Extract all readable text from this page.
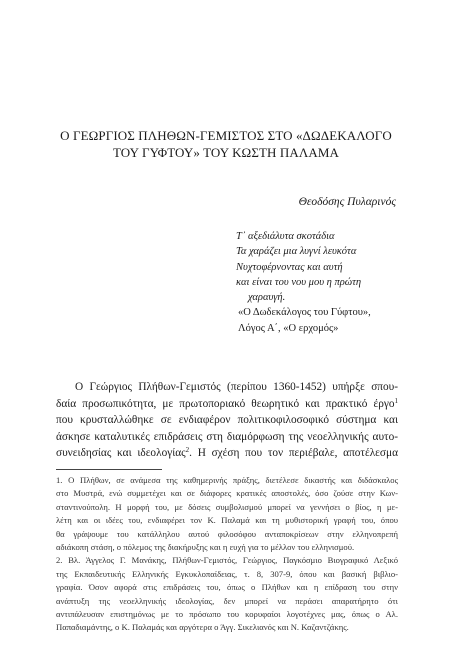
Ο ΓΕΩΡΓΙΟΣ ΠΛΗΘΩΝ-ΓΕΜΙΣΤΟΣ ΣΤΟ «ΔΩΔΕΚΑΛΟΓΟ
ΤΟΥ ΓΥΦΤΟΥ» ΤΟΥ ΚΩΣΤΗ ΠΑΛΑΜΑ
Θεοδόσης Πυλαρινός
Τ᾽ αξεδιάλυτα σκοτάδια
Τα χαράζει μια λυγνί λευκότα
Νυχτοφέρνοντας και αυτή
και είναι του νου μου η πρώτη
χαραυγή.
«Ο Δωδεκάλογος του Γύφτου»,
Λόγος Α΄, «Ο ερχομός»
Ο Γεώργιος Πλήθων-Γεμιστός (περίπου 1360-1452) υπήρξε σπου-
δαία προσωπικότητα, με πρωτοποριακό θεωρητικό και πρακτικό έργο$^1$
που κρυσταλλώθηκε σε ενδιαφέρον πολιτικοφιλοσοφικό σύστημα και
άσκησε καταλυτικές επιδράσεις στη διαμόρφωση της νεοελληνικής αυτο-
συνειδησίας και ιδεολογίας$^2$. Η σχέση που τον περιέβαλε, αποτέλεσμα
1. Ο Πλήθων, σε ανάμεσα της καθημερινής πράξης, διετέλεσε δικαστής και διδάσκαλος
στο Μυστρά, ενώ συμμετέχει και σε διάφορες κρατικές αποστολές, όσο ζούσε στην Κων-
σταντινούπολη. Η μορφή του, με δόσεις συμβολισμού μπορεί να γεννήσει ο βίος, η με-
λέτη και οι ιδέες του, ενδιαφέρει τον Κ. Παλαμά και τη μυθιστορική γραφή του, όπου
θα γράψουμε του κατάλληλου αυτού φιλοσόφου ανταποκρίσεων στην ελληνοπρεπή
αδιάκοπη στάση, ο πόλεμος της διακήρυξης και η ευχή για το μέλλον του ελληνισμού.
2. Βλ. Άγγελος Γ. Μανάκης, Πλήθων-Γεμιστός, Γεώργιος, Παγκόσμιο Βιογραφικό Λεξικό
της Εκπαιδευτικής Ελληνικής Εγκυκλοπαίδειας, τ. 8, 307-9, όπου και βασική βιβλιο-
γραφία. Όσον αφορά στις επιδράσεις του, όπως ο Πλήθων και η επίδραση του στην
ανάπτυξη της νεοελληνικής ιδεολογίας, δεν μπορεί να περάσει απαρατήρητο ότι
αντιπάλευσαν επιστημόνως με το πρόσωπο του κορυφαίοι λογοτέχνες μας, όπως ο Αλ.
Παπαδιαμάντης, ο Κ. Παλαμάς και αργότερα ο Άγγ. Σικελιανός και Ν. Καζαντζάκης.
